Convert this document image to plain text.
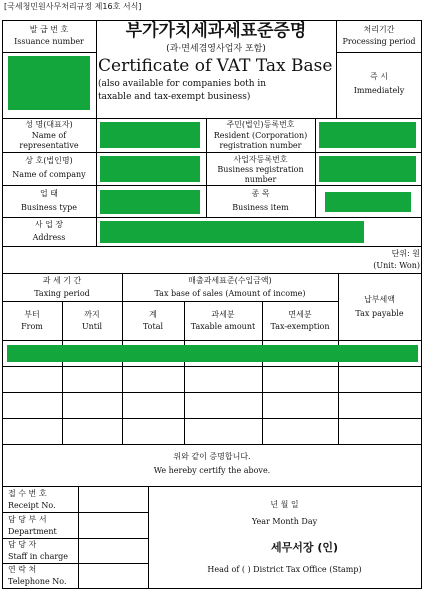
[국세청민원사무처리규정 제16호 서식]
발 급 번 호
Issuance number
부가가치세과세표준증명
(과·면세겸영사업자 포함)
Certificate of VAT Tax Base
(also available for companies both in
taxable and tax-exempt business)
처리기간
Processing period
즉 시
Immediately
성 명(대표자)
Name of
representative
주민(법인)등록번호
Resident (Corporation)
registration number
상 호(법인명)
Name of company
사업자등록번호
Business registration
number
업 태
Business type
종 목
Business item
사 업 장
Address
단위: 원
(Unit: Won)
과 세 기 간
Taxing period
매출과세표준(수입금액)
Tax base of sales (Amount of income)
납부세액
Tax payable
부터
From
까지
Until
계
Total
과세분
Taxable amount
면세분
Tax-exemption
위와 같이 증명합니다.
We hereby certify the above.
접 수 번 호
Receipt No.
담 당 부 서
Department
담 당 자
Staff in charge
연 락 처
Telephone No.
년 월 일
Year Month Day
세무서장 (인)
Head of ( ) District Tax Office (Stamp)
